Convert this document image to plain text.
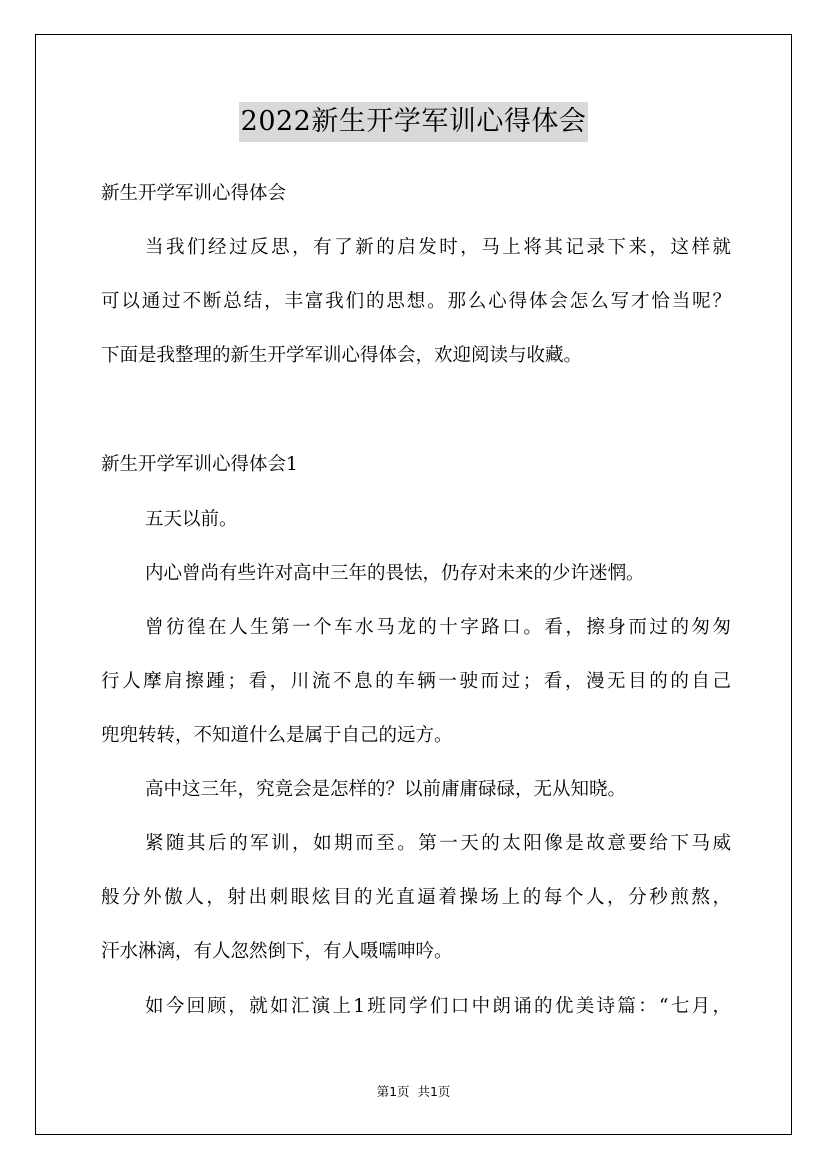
2022新生开学军训心得体会
新生开学军训心得体会
当我们经过反思，有了新的启发时，马上将其记录下来，这样就
可以通过不断总结，丰富我们的思想。那么心得体会怎么写才恰当呢？
下面是我整理的新生开学军训心得体会，欢迎阅读与收藏。
新生开学军训心得体会1
五天以前。
内心曾尚有些许对高中三年的畏怯，仍存对未来的少许迷惘。
曾彷徨在人生第一个车水马龙的十字路口。看，擦身而过的匆匆
行人摩肩擦踵；看，川流不息的车辆一驶而过；看，漫无目的的自己
兜兜转转，不知道什么是属于自己的远方。
高中这三年，究竟会是怎样的？以前庸庸碌碌，无从知晓。
紧随其后的军训，如期而至。第一天的太阳像是故意要给下马威
般分外傲人，射出刺眼炫目的光直逼着操场上的每个人，分秒煎熬，
汗水淋漓，有人忽然倒下，有人嗫嚅呻吟。
如今回顾，就如汇演上1班同学们口中朗诵的优美诗篇：“七月，
第1页 共1页
